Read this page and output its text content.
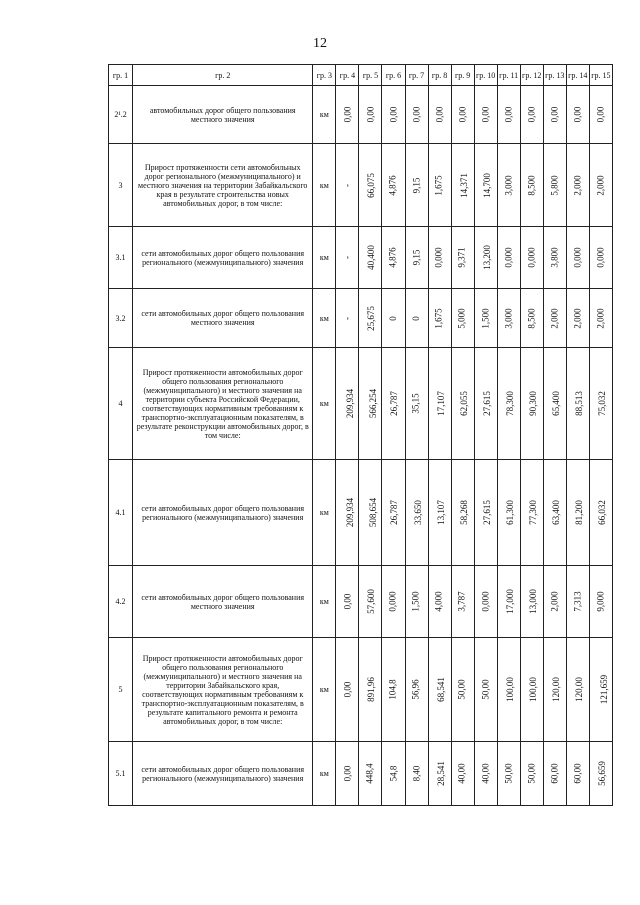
12
гр. 1	гр. 2	гр. 3	гр. 4	гр. 5	гр. 6	гр. 7	гр. 8	гр. 9	гр. 10	гр. 11	гр. 12	гр. 13	гр. 14	гр. 15
2¹.2	автомобильных дорог общего пользования местного значения	км	0,00	0,00	0,00	0,00	0,00	0,00	0,00	0,00	0,00	0,00	0,00	0,00
3	Прирост протяженности сети автомобильных дорог регионального (межмуниципального) и местного значения на территории Забайкальского края в результате строительства новых автомобильных дорог, в том числе:	км	-	66,075	4,876	9,15	1,675	14,371	14,700	3,000	8,500	5,800	2,000	2,000
3.1	сети автомобильных дорог общего пользования регионального (межмуниципального) значения	км	-	40,400	4,876	9,15	0,000	9,371	13,200	0,000	0,000	3,800	0,000	0,000
3.2	сети автомобильных дорог общего пользования местного значения	км	-	25,675	0	0	1,675	5,000	1,500	3,000	8,500	2,000	2,000	2,000
4	Прирост протяженности автомобильных дорог общего пользования регионального (межмуниципального) и местного значения на территории субъекта Российской Федерации, соответствующих нормативным требованиям к транспортно-эксплуатационным показателям, в результате реконструкции автомобильных дорог, в том числе:	км	209,934	566,254	26,787	35,15	17,107	62,055	27,615	78,300	90,300	65,400	88,513	75,032
4.1	сети автомобильных дорог общего пользования регионального (межмуниципального) значения	км	209,934	508,654	26,787	33,650	13,107	58,268	27,615	61,300	77,300	63,400	81,200	66,032
4.2	сети автомобильных дорог общего пользования местного значения	км	0,00	57,600	0,000	1,500	4,000	3,787	0,000	17,000	13,000	2,000	7,313	9,000
5	Прирост протяженности автомобильных дорог общего пользования регионального (межмуниципального) и местного значения на территории Забайкальского края, соответствующих нормативным требованиям к транспортно-эксплуатационным показателям, в результате капитального ремонта и ремонта автомобильных дорог, в том числе:	км	0,00	891,96	104,8	56,96	68,541	50,00	50,00	100,00	100,00	120,00	120,00	121,659
5.1	сети автомобильных дорог общего пользования регионального (межмуниципального) значения	км	0,00	448,4	54,8	8,40	28,541	40,00	40,00	50,00	50,00	60,00	60,00	56,659
